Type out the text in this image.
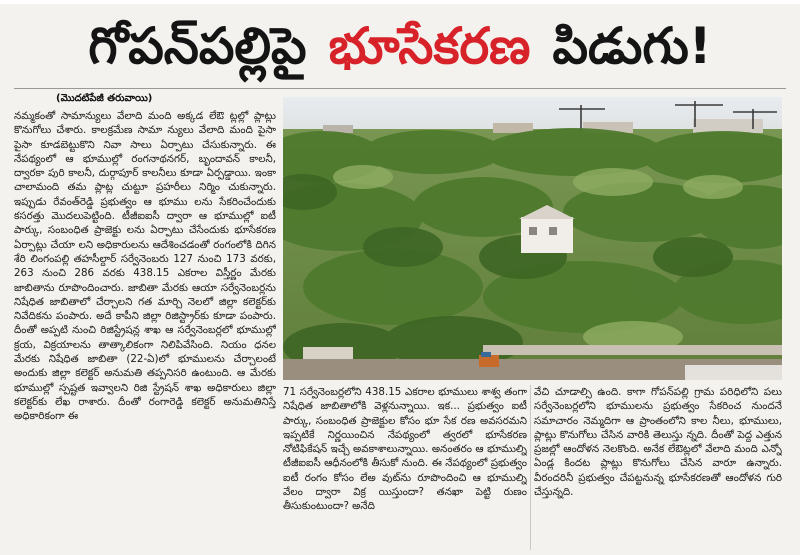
గోపన్‌పల్లిపై భూసేకరణ పిడుగు!
(మొదటిపేజీ తరువాయి)
నమ్మకంతో సామాన్యులు వేలాది మంది అక్కడ లేఔ ట్లల్లో ప్లాట్లు కొనుగోలు చేశారు. కాలక్రమేణ సామా న్యులు వేలాది మంది పైసా పైసా కూడబెట్టుకొని నివా సాలు ఏర్పాటు చేసుకున్నారు. ఈ నేపథ్యంలో ఆ భూముల్లో రంగనాథనగర్, బృందావన్ కాలనీ, ద్వారకా పురి కాలనీ, దుర్గాపూర్ కాలనీలు కూడా ఏర్పడ్డాయి. ఇంకా చాలామంది తమ ప్లాట్ల చుట్టూ ప్రహరీలు నిర్మిం చుకున్నారు. ఇప్పుడు రేవంత్‌రెడ్డి ప్రభుత్వం ఆ భూము లను సేకరించేందుకు కసరత్తు మొదలుపెట్టింది. టీజీఐఐసీ ద్వారా ఆ భూముల్లో ఐటీ పార్కు, సంబంధిత ప్రాజెక్టు లను ఏర్పాటు చేసేందుకు భూసేకరణ ఏర్పాట్లు చేయా లని అధికారులను ఆదేశించడంతో రంగంలోకి దిగిన శేరి లింగంపల్లి తహసీల్దార్ సర్వేనెంబరు 127 నుంచి 173 వరకు, 263 నుంచి 286 వరకు 438.15 ఎకరాల విస్తీర్ణం మేరకు జాబితాను రూపొందించారు. జాబితా మేరకు ఆయా సర్వేనెంబర్లను నిషేధిత జాబితాలో చేర్చాలని గత మార్చి నెలలో జిల్లా కలెక్టర్‌కు నివేదికను పంపారు. అదే కాపీని జిల్లా రిజిస్ట్రార్‌కు కూడా పంపారు. దీంతో అప్పటి నుంచి రిజిస్ట్రేషన్ల శాఖ ఆ సర్వేనెంబర్లలో భూముల్లో క్రయ, విక్రయాలను తాత్కాలికంగా నిలిపివేసింది. నియం ధనల మేరకు నిషేధిత జాబితా (22-ఏ)లో భూములను చేర్చాలంటే అందుకు జిల్లా కలెక్టర్ అనుమతి తప్పనిసరి ఉంటుంది. ఆ మేరకు భూముల్లో స్పష్టత ఇవ్వాలని రిజి స్ట్రేషన్ శాఖ అధికారులు జిల్లా కలెక్టర్‌కు లేఖ రాశారు. దీంతో రంగారెడ్డి కలెక్టర్ అనుమతినిస్తే అధికారికంగా ఈ
71 సర్వేనెంబర్లలోని 438.15 ఎకరాల భూములు శాశ్వ తంగా నిషేధిత జాబితాలోకి వెళ్లనున్నాయి. ఇక... ప్రభుత్వం ఐటీ పార్కు, సంబంధిత ప్రాజెక్టుల కోసం భూ సేక రణ అవసరమని ఇప్పటికే నిర్ణయించిన నేపథ్యంలో త్వరలో భూసేకరణ నోటిఫికేషన్ ఇచ్చే అవకాశాలున్నాయి. అనంతరం ఆ భూముల్ని టీజీఐఐసీ ఆధీనంలోకి తీసుకో నుంది. ఈ నేపథ్యంలో ప్రభుత్వం ఐటీ రంగం కోసం లేఅ వుట్‌ను రూపొందించి ఆ భూముల్ని వేలం ద్వారా విక్ర యిస్తుందా? తనఖా పెట్టి రుణం తీసుకుంటుందా? అనేది
వేచి చూడాల్సి ఉంది. కాగా గోపన్‌పల్లి గ్రామ పరిధిలోని పలు సర్వేనెంబర్లలోని భూములను ప్రభుత్వం సేకరించ నుందనే సమాచారం నెమ్మదిగా ఆ ప్రాంతంలోని కాల నీలు, భూములు, ప్లాట్లు కొనుగోలు చేసిన వారికి తెలుస్తు న్నది. దీంతో పెద్ద ఎత్తున ప్రజల్లో ఆందోళన నెలకొంది. అనేక లేఔట్లలో వేలాది మంది ఎన్నో ఏండ్ల కిందట ప్లాట్లు కొనుగోలు చేసిన వారూ ఉన్నారు. వీరందరినీ ప్రభుత్వం చేపట్టనున్న భూసేకరణతో ఆందోళన గురి చేస్తున్నది.
